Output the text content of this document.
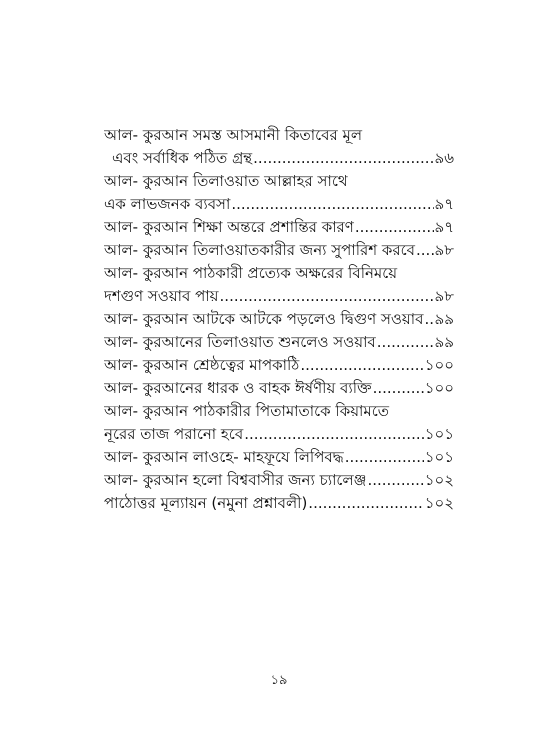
আল- কুরআন সমস্ত আসমানী কিতাবের মূল
এবং সর্বাধিক পঠিত গ্রন্থ .....	৯৬
আল- কুরআন তিলাওয়াত আল্লাহর সাথে
এক লাভজনক ব্যবসা .....	৯৭
আল- কুরআন শিক্ষা অন্তরে প্রশান্তির কারণ .....	৯৭
আল- কুরআন তিলাওয়াতকারীর জন্য সুপারিশ করবে ..... ৯৮
আল- কুরআন পাঠকারী প্রত্যেক অক্ষরের বিনিময়ে
দশগুণ সওয়াব পায় .....	৯৮
আল- কুরআন আটকে আটকে পড়লেও দ্বিগুণ সওয়াব ..... ৯৯
আল- কুরআনের তিলাওয়াত শুনলেও সওয়াব .....	৯৯
আল- কুরআন শ্রেষ্ঠত্বের মাপকাঠি .....	১০০
আল- কুরআনের ধারক ও বাহক ঈর্ষণীয় ব্যক্তি .....	১০০
আল- কুরআন পাঠকারীর পিতামাতাকে কিয়ামতে
নূরের তাজ পরানো হবে .....	১০১
আল- কুরআন লাওহে- মাহফূযে লিপিবদ্ধ .....	১০১
আল- কুরআন হলো বিশ্ববাসীর জন্য চ্যালেঞ্জ .....	১০২
পাঠোত্তর মূল্যায়ন (নমুনা প্রশ্নাবলী) .....	১০২
১৯
